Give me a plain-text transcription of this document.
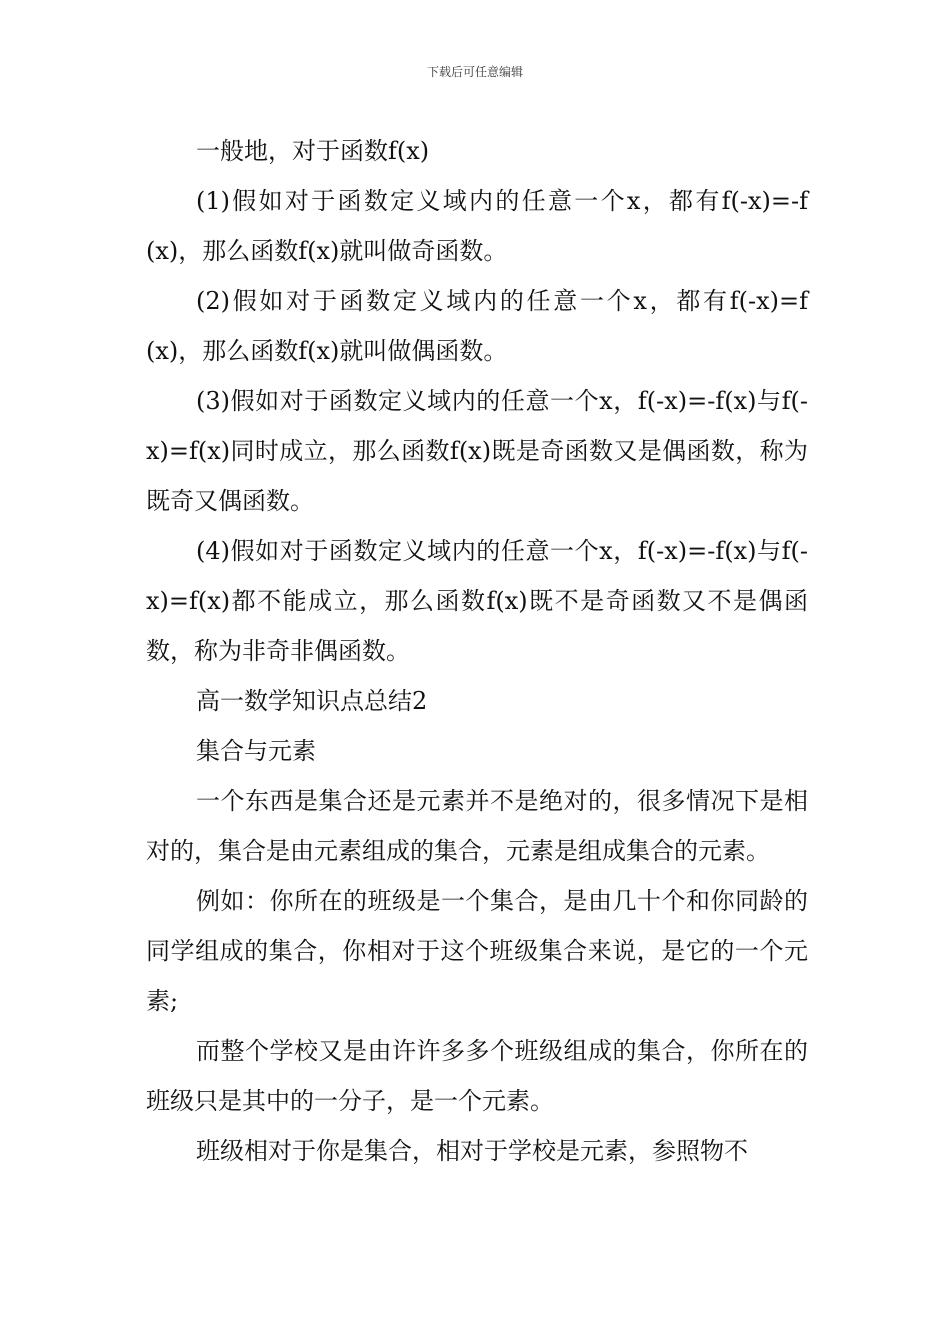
下载后可任意编辑

一般地，对于函数f(x)

(1)假如对于函数定义域内的任意一个x，都有f(-x)=-f(x)，那么函数f(x)就叫做奇函数。

(2)假如对于函数定义域内的任意一个x，都有f(-x)=f(x)，那么函数f(x)就叫做偶函数。

(3)假如对于函数定义域内的任意一个x，f(-x)=-f(x)与f(-x)=f(x)同时成立，那么函数f(x)既是奇函数又是偶函数，称为既奇又偶函数。

(4)假如对于函数定义域内的任意一个x，f(-x)=-f(x)与f(-x)=f(x)都不能成立，那么函数f(x)既不是奇函数又不是偶函数，称为非奇非偶函数。

高一数学知识点总结2

集合与元素

一个东西是集合还是元素并不是绝对的，很多情况下是相对的，集合是由元素组成的集合，元素是组成集合的元素。

例如：你所在的班级是一个集合，是由几十个和你同龄的同学组成的集合，你相对于这个班级集合来说，是它的一个元素;

而整个学校又是由许许多多个班级组成的集合，你所在的班级只是其中的一分子，是一个元素。

班级相对于你是集合，相对于学校是元素，参照物不
